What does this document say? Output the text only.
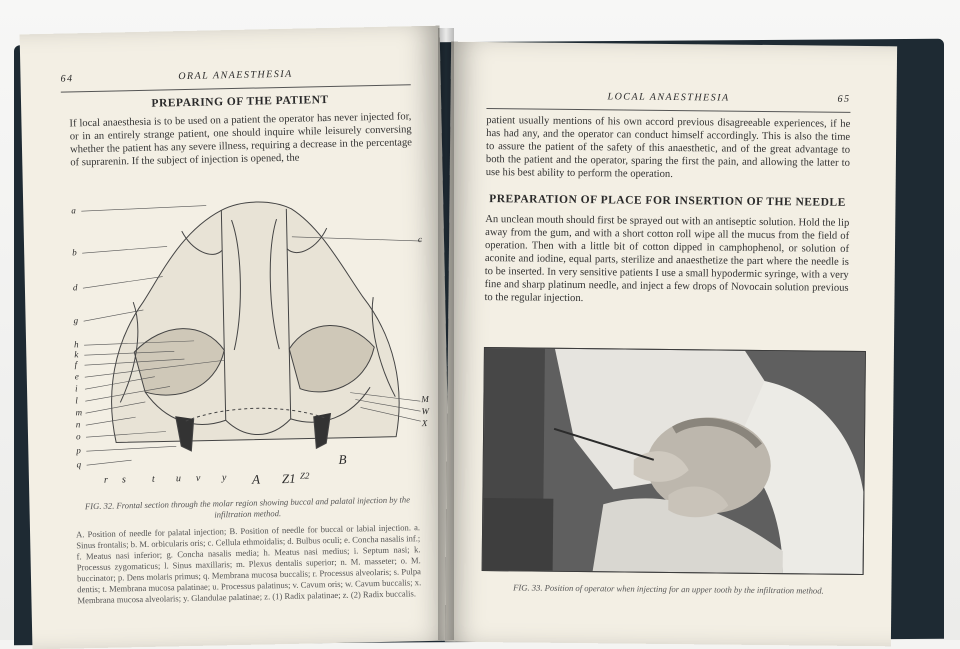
64	ORAL ANAESTHESIA

PREPARING OF THE PATIENT

If local anaesthesia is to be used on a patient the operator has never injected for, or in an entirely strange patient, one should inquire while leisurely conversing whether the patient has any severe illness, requiring a decrease in the percentage of suprarenin. If the subject of injection is opened, the

a
b
d
g
h
k
f
e
i
l
m
n
o
p
q
c
M
W
X
r s	t u v y A Z1 Z2
B

FIG. 32. Frontal section through the molar region showing buccal and palatal injection by the infiltration method.

A. Position of needle for palatal injection; B. Position of needle for buccal or labial injection. a. Sinus frontalis; b. M. orbicularis oris; c. Cellula ethmoidalis; d. Bulbus oculi; e. Concha nasalis inf.; f. Meatus nasi inferior; g. Concha nasalis media; h. Meatus nasi medius; i. Septum nasi; k. Processus zygomaticus; l. Sinus maxillaris; m. Plexus dentalis superior; n. M. masseter; o. M. buccinator; p. Dens molaris primus; q. Membrana mucosa buccalis; r. Processus alveolaris; s. Pulpa dentis; t. Membrana mucosa palatinae; u. Processus palatinus; v. Cavum oris; w. Cavum buccalis; x. Membrana mucosa alveolaris; y. Glandulae palatinae; z. (1) Radix palatinae; z. (2) Radix buccalis.

LOCAL ANAESTHESIA	65

patient usually mentions of his own accord previous disagreeable experiences, if he has had any, and the operator can conduct himself accordingly. This is also the time to assure the patient of the safety of this anaesthetic, and of the great advantage to both the patient and the operator, sparing the first the pain, and allowing the latter to use his best ability to perform the operation.

PREPARATION OF PLACE FOR INSERTION OF THE NEEDLE

An unclean mouth should first be sprayed out with an antiseptic solution. Hold the lip away from the gum, and with a short cotton roll wipe all the mucus from the field of operation. Then with a little bit of cotton dipped in camphophenol, or solution of aconite and iodine, equal parts, sterilize and anaesthetize the part where the needle is to be inserted. In very sensitive patients I use a small hypodermic syringe, with a very fine and sharp platinum needle, and inject a few drops of Novocain solution previous to the regular injection.

FIG. 33. Position of operator when injecting for an upper tooth by the infiltration method.
